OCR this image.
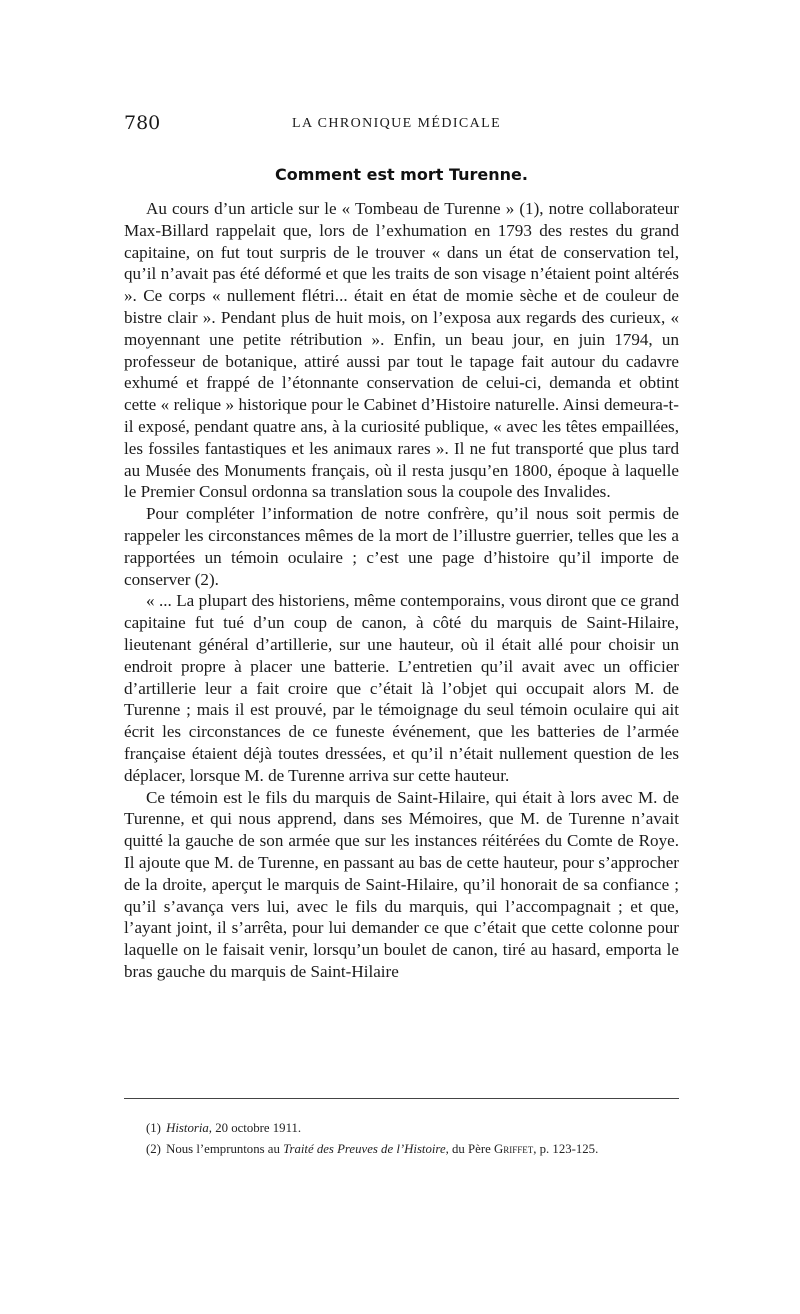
780	LA CHRONIQUE MÉDICALE
Comment est mort Turenne.

Au cours d’un article sur le « Tombeau de Turenne » (1), notre collaborateur Max-Billard rappelait que, lors de l’exhumation en 1793 des restes du grand capitaine, on fut tout surpris de le trouver « dans un état de conservation tel, qu’il n’avait pas été déformé et que les traits de son visage n’étaient point altérés ». Ce corps « nullement flétri... était en état de momie sèche et de couleur de bistre clair ». Pendant plus de huit mois, on l’exposa aux regards des curieux, « moyennant une petite rétribution ». Enfin, un beau jour, en juin 1794, un professeur de botanique, attiré aussi par tout le tapage fait autour du cadavre exhumé et frappé de l’étonnante conservation de celui-ci, demanda et obtint cette « relique » historique pour le Cabinet d’Histoire naturelle. Ainsi demeura-t-il exposé, pendant quatre ans, à la curiosité publique, « avec les têtes empaillées, les fossiles fantastiques et les animaux rares ». Il ne fut transporté que plus tard au Musée des Monuments français, où il resta jusqu’en 1800, époque à laquelle le Premier Consul ordonna sa translation sous la coupole des Invalides.

Pour compléter l’information de notre confrère, qu’il nous soit permis de rappeler les circonstances mêmes de la mort de l’illustre guerrier, telles que les a rapportées un témoin oculaire ; c’est une page d’histoire qu’il importe de conserver (2).

« ... La plupart des historiens, même contemporains, vous diront que ce grand capitaine fut tué d’un coup de canon, à côté du marquis de Saint-Hilaire, lieutenant général d’artillerie, sur une hauteur, où il était allé pour choisir un endroit propre à placer une batterie. L’entretien qu’il avait avec un officier d’artillerie leur a fait croire que c’était là l’objet qui occupait alors M. de Turenne ; mais il est prouvé, par le témoignage du seul témoin oculaire qui ait écrit les circonstances de ce funeste événement, que les batteries de l’armée française étaient déjà toutes dressées, et qu’il n’était nullement question de les déplacer, lorsque M. de Turenne arriva sur cette hauteur.

Ce témoin est le fils du marquis de Saint-Hilaire, qui était à lors avec M. de Turenne, et qui nous apprend, dans ses Mémoires, que M. de Turenne n’avait quitté la gauche de son armée que sur les instances réitérées du Comte de Roye. Il ajoute que M. de Turenne, en passant au bas de cette hauteur, pour s’approcher de la droite, aperçut le marquis de Saint-Hilaire, qu’il honorait de sa confiance ; qu’il s’avança vers lui, avec le fils du marquis, qui l’accompagnait ; et que, l’ayant joint, il s’arrêta, pour lui demander ce que c’était que cette colonne pour laquelle on le faisait venir, lorsqu’un boulet de canon, tiré au hasard, emporta le bras gauche du marquis de Saint-Hilaire

(1) Historia, 20 octobre 1911.

(2) Nous l’empruntons au Traité des Preuves de l’Histoire, du Père Griffet, p. 123-125.
